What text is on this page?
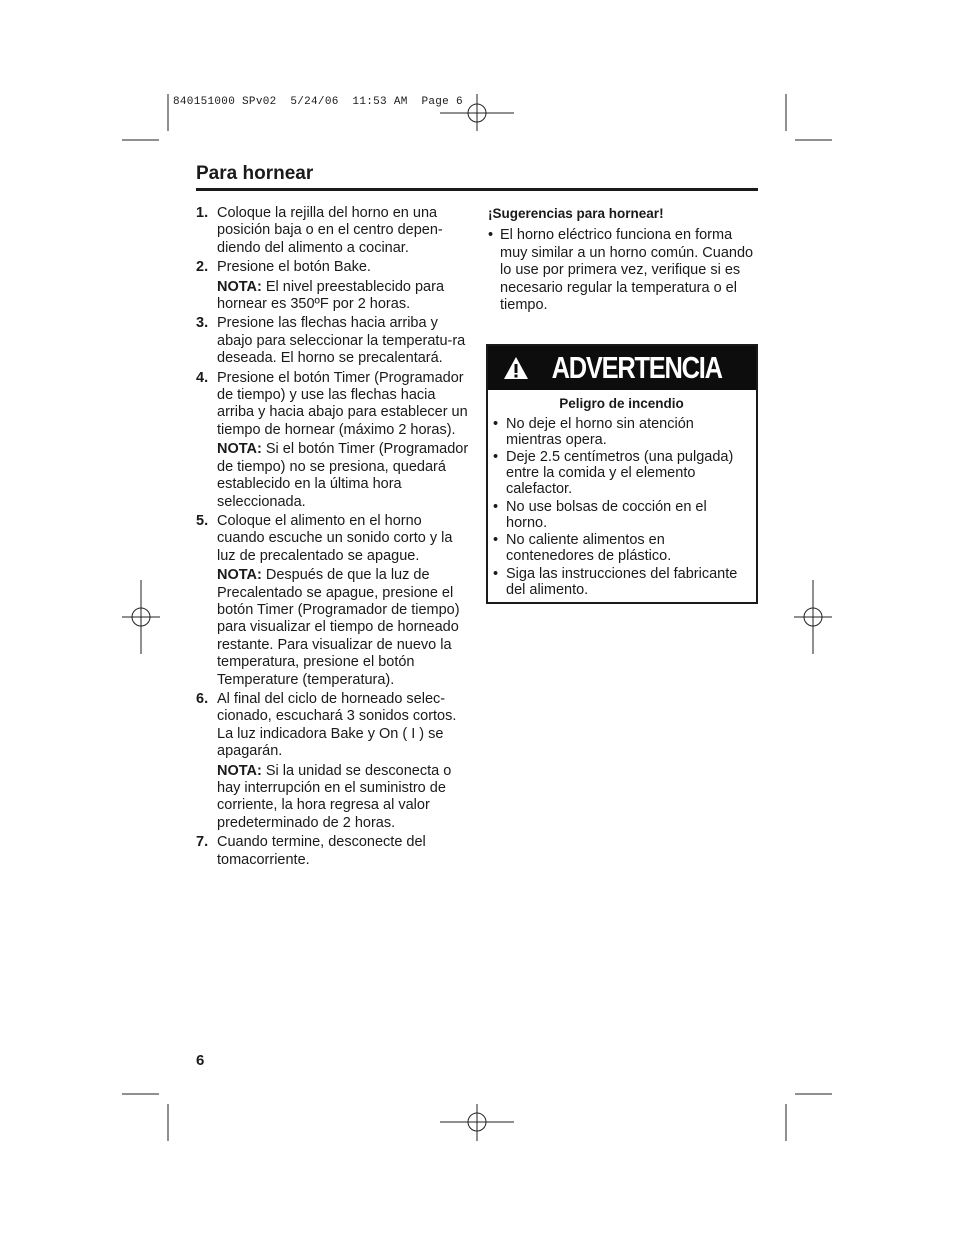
840151000 SPv02  5/24/06  11:53 AM  Page 6
Para hornear
1. Coloque la rejilla del horno en una posición baja o en el centro depen-diendo del alimento a cocinar.
2. Presione el botón Bake.
NOTA: El nivel preestablecido para hornear es 350ºF por 2 horas.
3. Presione las flechas hacia arriba y abajo para seleccionar la temperatu-ra deseada. El horno se precalentará.
4. Presione el botón Timer (Programador de tiempo) y use las flechas hacia arriba y hacia abajo para establecer un tiempo de hornear (máximo 2 horas).
NOTA: Si el botón Timer (Programador de tiempo) no se presiona, quedará establecido en la última hora seleccionada.
5. Coloque el alimento en el horno cuando escuche un sonido corto y la luz de precalentado se apague.
NOTA: Después de que la luz de Precalentado se apague, presione el botón Timer (Programador de tiempo) para visualizar el tiempo de horneado restante. Para visualizar de nuevo la temperatura, presione el botón Temperature (temperatura).
6. Al final del ciclo de horneado selec-cionado, escuchará 3 sonidos cortos. La luz indicadora Bake y On ( I ) se apagarán.
NOTA: Si la unidad se desconecta o hay interrupción en el suministro de corriente, la hora regresa al valor predeterminado de 2 horas.
7. Cuando termine, desconecte del tomacorriente.
¡Sugerencias para hornear!
• El horno eléctrico funciona en forma muy similar a un horno común. Cuando lo use por primera vez, verifique si es necesario regular la temperatura o el tiempo.
ADVERTENCIA
Peligro de incendio
• No deje el horno sin atención mientras opera.
• Deje 2.5 centímetros (una pulgada) entre la comida y el elemento calefactor.
• No use bolsas de cocción en el horno.
• No caliente alimentos en contenedores de plástico.
• Siga las instrucciones del fabricante del alimento.
6
